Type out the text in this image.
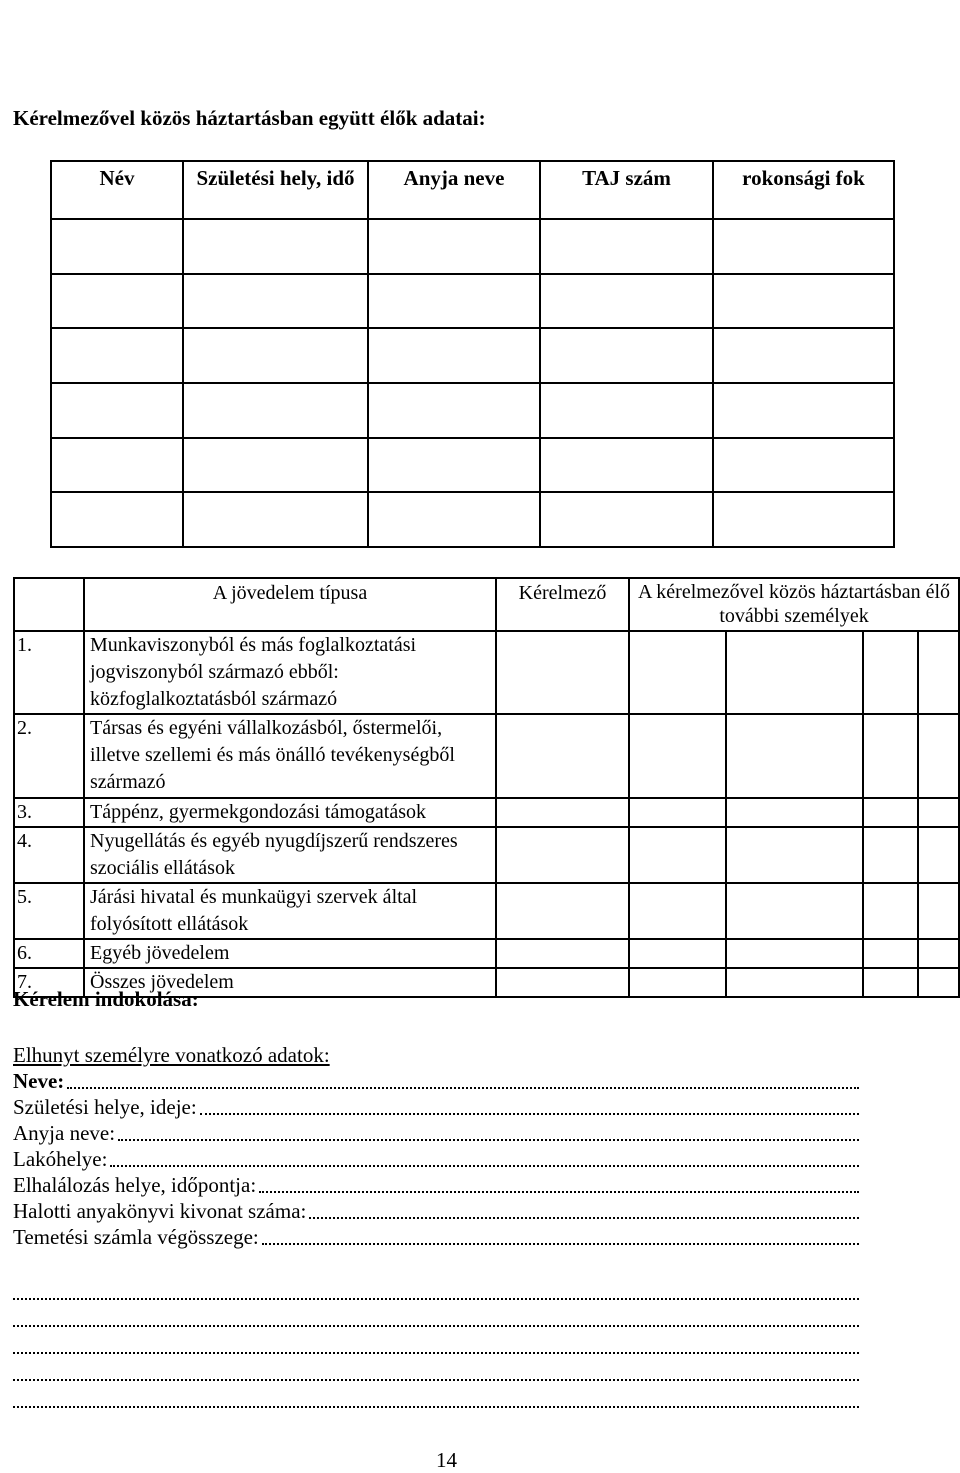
Kérelmezővel közös háztartásban együtt élők adatai:
Név	Születési hely, idő	Anyja neve	TAJ szám	rokonsági fok

	A jövedelem típusa	Kérelmező	A kérelmezővel közös háztartásban élő további személyek			
1.	Munkaviszonyból és más foglalkoztatási jogviszonyból származó ebből: közfoglalkoztatásból származó					
2.	Társas és egyéni vállalkozásból, őstermelői, illetve szellemi és más önálló tevékenységből származó					
3.	Táppénz, gyermekgondozási támogatások					
4.	Nyugellátás és egyéb nyugdíjszerű rendszeres szociális ellátások					
5.	Járási hivatal és munkaügyi szervek által folyósított ellátások					
6.	Egyéb jövedelem					
7.	Összes jövedelem					
Kérelem indokolása:
Elhunyt személyre vonatkozó adatok:
Neve:
Születési helye, ideje:
Anyja neve:
Lakóhelye:
Elhalálozás helye, időpontja:
Halotti anyakönyvi kivonat száma:
Temetési számla végösszege:
14
